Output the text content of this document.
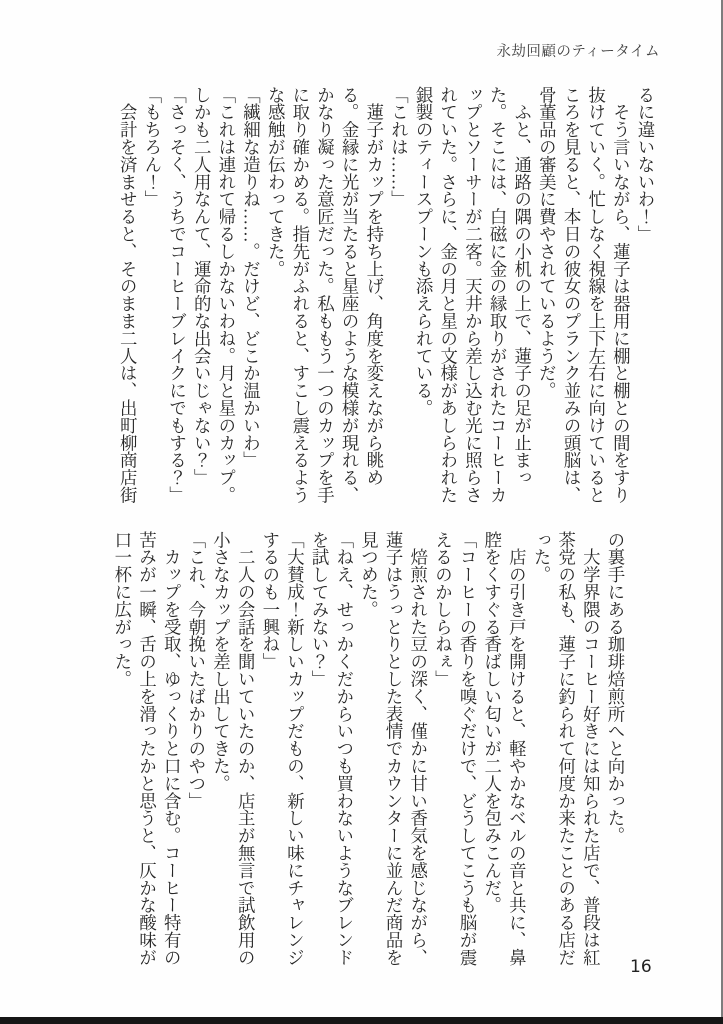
永劫回顧のティータイム

るに違いないわ！」

　そう言いながら、蓮子は器用に棚と棚との間をすり抜けていく。忙しなく視線を上下左右に向けているところを見ると、本日の彼女のプランク並みの頭脳は、骨董品の審美に費やされているようだ。

　ふと、通路の隅の小机の上で、蓮子の足が止まった。そこには、白磁に金の縁取りがされたコーヒーカップとソーサーが二客。天井から差し込む光に照らされていた。さらに、金の月と星の文様があしらわれた銀製のティースプーンも添えられている。

「これは……」

　蓮子がカップを持ち上げ、角度を変えながら眺める。金縁に光が当たると星座のような模様が現れる、かなり凝った意匠だった。私ももう一つのカップを手に取り確かめる。指先がふれると、すこし震えるような感触が伝わってきた。

「繊細な造りね……。だけど、どこか温かいわ」

「これは連れて帰るしかないわね。月と星のカップ。しかも二人用なんて、運命的な出会いじゃない？」

「さっそく、うちでコーヒーブレイクにでもする？」

「もちろん！」

　会計を済ませると、そのまま二人は、出町柳商店街

の裏手にある珈琲焙煎所へと向かった。

　大学界隈のコーヒー好きには知られた店で、普段は紅茶党の私も、蓮子に釣られて何度か来たことのある店だった。

　店の引き戸を開けると、軽やかなベルの音と共に、鼻腔をくすぐる香ばしい匂いが二人を包みこんだ。

「コーヒーの香りを嗅ぐだけで、どうしてこうも脳が震えるのかしらねぇ」

　焙煎された豆の深く、僅かに甘い香気を感じながら、蓮子はうっとりとした表情でカウンターに並んだ商品を見つめた。

「ねえ、せっかくだからいつも買わないようなブレンドを試してみない？」

「大賛成！新しいカップだもの、新しい味にチャレンジするのも一興ね」

　二人の会話を聞いていたのか、店主が無言で試飲用の小さなカップを差し出してきた。

「これ、今朝挽いたばかりのやつ」

　カップを受取、ゆっくりと口に含む。コーヒー特有の苦みが一瞬、舌の上を滑ったかと思うと、仄かな酸味が口一杯に広がった。

16
